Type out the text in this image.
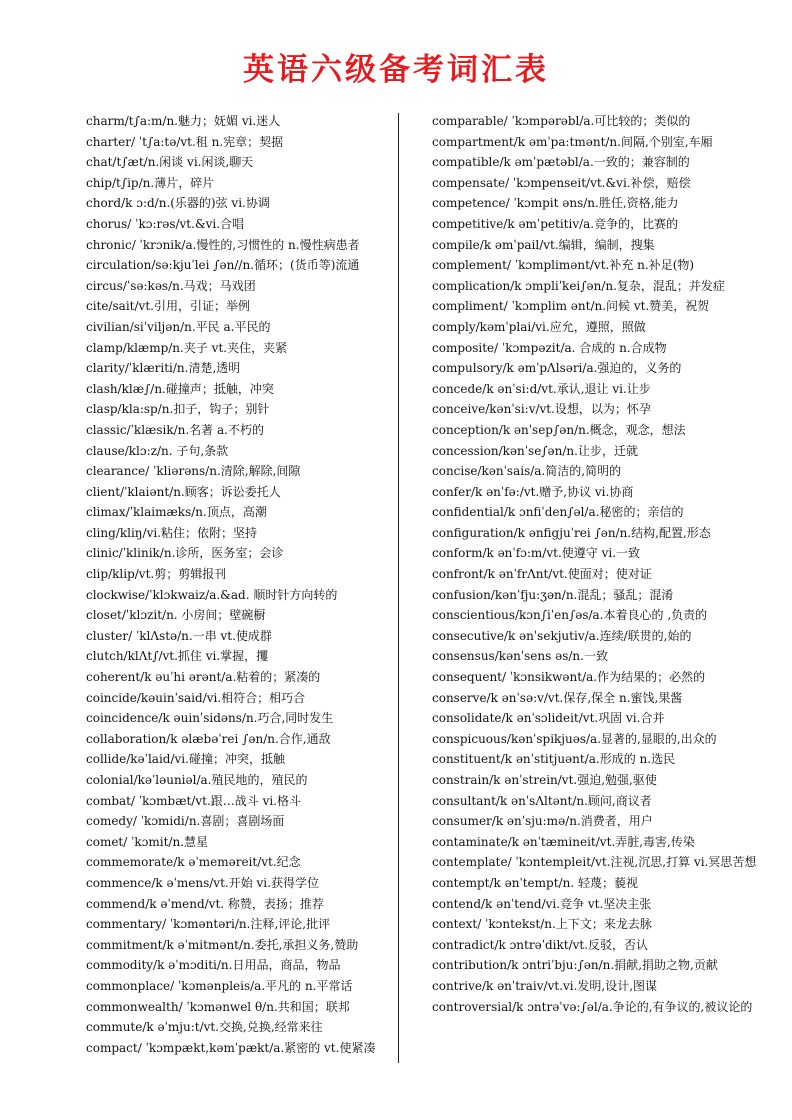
英语六级备考词汇表
charm/t∫a:m/n.魅力；妩媚 vi.迷人
charter/ ˈt∫a:tə/vt.租 n.宪章；契据
chat/t∫æt/n.闲谈 vi.闲谈,聊天
chip/t∫ip/n.薄片，碎片
chord/k ɔ:d/n.(乐器的)弦 vi.协调
chorus/ ˈkɔ:rəs/vt.&vi.合唱
chronic/ ˈkrɔnik/a.慢性的,习惯性的 n.慢性病患者
circulation/sə:kjuˈlei ∫ən//n.循环；(货币等)流通
circus/ˈsə:kəs/n.马戏；马戏团
cite/sait/vt.引用，引证；举例
civilian/siˈviljən/n.平民 a.平民的
clamp/klæmp/n.夹子 vt.夹住，夹紧
clarity/ˈklæriti/n.清楚,透明
clash/klæ∫/n.碰撞声；抵触，冲突
clasp/kla:sp/n.扣子，钩子；别针
classic/ˈklæsik/n.名著 a.不朽的
clause/klɔ:z/n. 子句,条款
clearance/ ˈkliərəns/n.清除,解除,间隙
client/ˈklaiənt/n.顾客；诉讼委托人
climax/ˈklaimæks/n.顶点，高潮
cling/kliŋ/vi.粘住；依附；坚持
clinic/ˈklinik/n.诊所，医务室；会诊
clip/klip/vt.剪；剪辑报刊
clockwise/ˈklɔkwaiz/a.&ad. 顺时针方向转的
closet/ˈklɔzit/n. 小房间；壁碗橱
cluster/ ˈklΛstə/n.一串 vt.使成群
clutch/klΛt∫/vt.抓住 vi.掌握，攫
coherent/k əuˈhi ərənt/a.粘着的；紧凑的
coincide/kəuinˈsaid/vi.相符合；相巧合
coincidence/k əuinˈsidəns/n.巧合,同时发生
collaboration/k əlæbəˈrei ∫ən/n.合作,通敌
collide/kəˈlaid/vi.碰撞；冲突，抵触
colonial/kəˈləuniəl/a.殖民地的，殖民的
combat/ ˈkɔmbæt/vt.跟…战斗 vi.格斗
comedy/ ˈkɔmidi/n.喜剧；喜剧场面
comet/ ˈkɔmit/n.慧星
commemorate/k əˈmeməreit/vt.纪念
commence/k əˈmens/vt.开始 vi.获得学位
commend/k əˈmend/vt. 称赞，表扬；推荐
commentary/ ˈkɔməntəri/n.注释,评论,批评
commitment/k əˈmitmənt/n.委托,承担义务,赞助
commodity/k əˈmɔditi/n.日用品，商品，物品
commonplace/ ˈkɔmənpleis/a.平凡的 n.平常话
commonwealth/ ˈkɔmənwel θ/n.共和国；联邦
commute/k əˈmju:t/vt.交换,兑换,经常来往
compact/ ˈkɔmpækt,kəmˈpækt/a.紧密的 vt.使紧凑
comparable/ ˈkɔmpərəbl/a.可比较的；类似的
compartment/k əmˈpa:tmənt/n.间隔,个别室,车厢
compatible/k əmˈpætəbl/a.一致的；兼容制的
compensate/ ˈkɔmpenseit/vt.&vi.补偿，赔偿
competence/ ˈkɔmpit əns/n.胜任,资格,能力
competitive/k əmˈpetitiv/a.竞争的，比赛的
compile/k əmˈpail/vt.编辑，编制，搜集
complement/ ˈkɔmplimənt/vt.补充 n.补足(物)
complication/k ɔmpliˈkei∫ən/n.复杂，混乱；并发症
compliment/ ˈkɔmplim ənt/n.问候 vt.赞美，祝贺
comply/kəmˈplai/vi.应允，遵照，照做
composite/ ˈkɔmpəzit/a. 合成的 n.合成物
compulsory/k əmˈpΛlsəri/a.强迫的，义务的
concede/k ənˈsi:d/vt.承认,退让 vi.让步
conceive/kənˈsi:v/vt.设想，以为；怀孕
conception/k ənˈsep∫ən/n.概念，观念，想法
concession/kənˈse∫ən/n.让步，迁就
concise/kənˈsais/a.简洁的,简明的
confer/k ənˈfə:/vt.赠予,协议 vi.协商
confidential/k ɔnfiˈden∫əl/a.秘密的；亲信的
configuration/k ənfigjuˈrei ∫ən/n.结构,配置,形态
conform/k ənˈfɔ:m/vt.使遵守 vi.一致
confront/k ənˈfrΛnt/vt.使面对；使对证
confusion/kənˈfju:ʒən/n.混乱；骚乱；混淆
conscientious/kɔn∫iˈen∫əs/a.本着良心的 ,负责的
consecutive/k ənˈsekjutiv/a.连续/联贯的,始的
consensus/kənˈsens əs/n.一致
consequent/ ˈkɔnsikwənt/a.作为结果的；必然的
conserve/k ənˈsə:v/vt.保存,保全 n.蜜饯,果酱
consolidate/k ənˈsɔlideit/vt.巩固 vi.合并
conspicuous/kənˈspikjuəs/a.显著的,显眼的,出众的
constituent/k ənˈstitjuənt/a.形成的 n.选民
constrain/k ənˈstrein/vt.强迫,勉强,驱使
consultant/k ənˈsΛltənt/n.顾问,商议者
consumer/k ənˈsju:mə/n.消费者，用户
contaminate/k ənˈtæmineit/vt.弄脏,毒害,传染
contemplate/ ˈkɔntempleit/vt.注视,沉思,打算 vi.冥思苦想
contempt/k ənˈtempt/n. 轻蔑；藐视
contend/k ənˈtend/vi.竞争 vt.坚决主张
context/ ˈkɔntekst/n.上下文；来龙去脉
contradict/k ɔntrəˈdikt/vt.反驳，否认
contribution/k ɔntriˈbju:∫ən/n.捐献,捐助之物,贡献
contrive/k ənˈtraiv/vt.vi.发明,设计,图谋
controversial/k ɔntrəˈvə:∫əl/a.争论的,有争议的,被议论的
